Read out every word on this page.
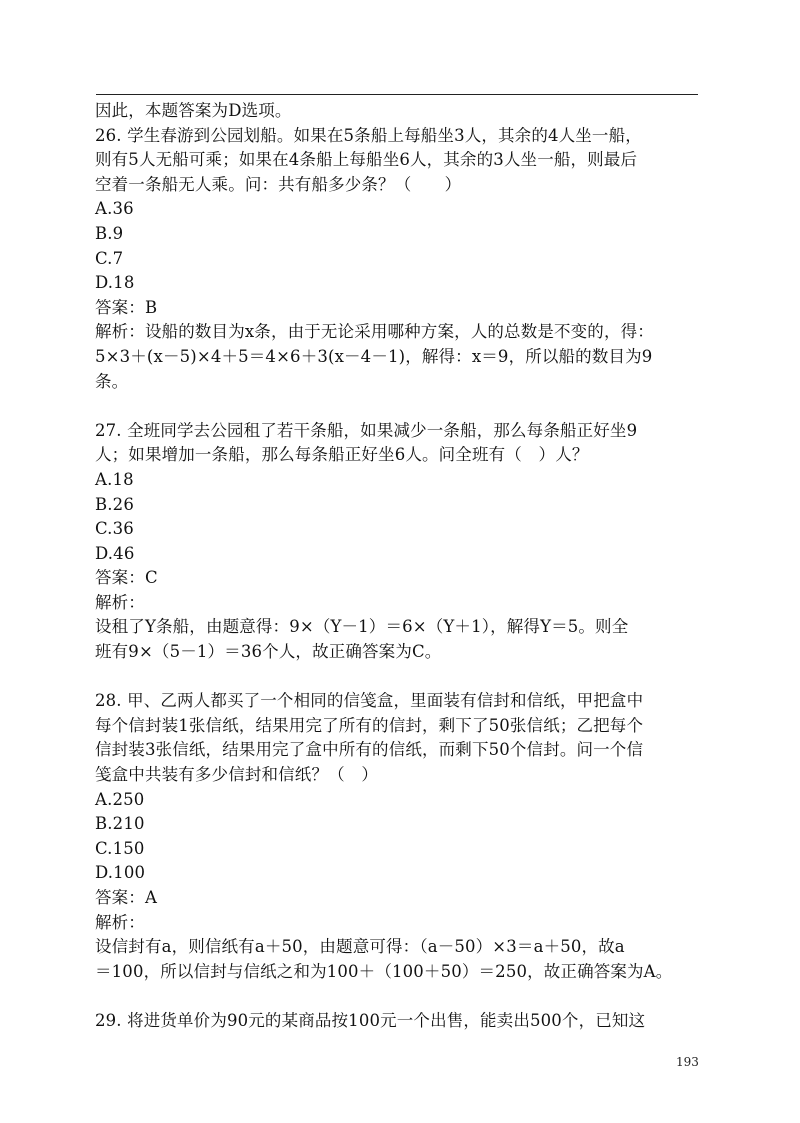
因此，本题答案为D选项。
26. 学生春游到公园划船。如果在5条船上每船坐3人，其余的4人坐一船，
则有5人无船可乘；如果在4条船上每船坐6人，其余的3人坐一船，则最后
空着一条船无人乘。问：共有船多少条？（　　）
A.36
B.9
C.7
D.18
答案：B
解析：设船的数目为x条，由于无论采用哪种方案，人的总数是不变的，得：
5×3＋(x－5)×4＋5＝4×6＋3(x－4－1)，解得：x＝9，所以船的数目为9
条。
27. 全班同学去公园租了若干条船，如果减少一条船，那么每条船正好坐9
人；如果增加一条船，那么每条船正好坐6人。问全班有（　）人？
A.18
B.26
C.36
D.46
答案：C
解析：
设租了Y条船，由题意得：9×（Y－1）＝6×（Y＋1），解得Y＝5。则全
班有9×（5－1）＝36个人，故正确答案为C。
28. 甲、乙两人都买了一个相同的信笺盒，里面装有信封和信纸，甲把盒中
每个信封装1张信纸，结果用完了所有的信封，剩下了50张信纸；乙把每个
信封装3张信纸，结果用完了盒中所有的信纸，而剩下50个信封。问一个信
笺盒中共装有多少信封和信纸？（　）
A.250
B.210
C.150
D.100
答案：A
解析：
设信封有a，则信纸有a＋50，由题意可得：（a－50）×3＝a＋50，故a
＝100，所以信封与信纸之和为100＋（100＋50）＝250，故正确答案为A。
29. 将进货单价为90元的某商品按100元一个出售，能卖出500个，已知这
193
